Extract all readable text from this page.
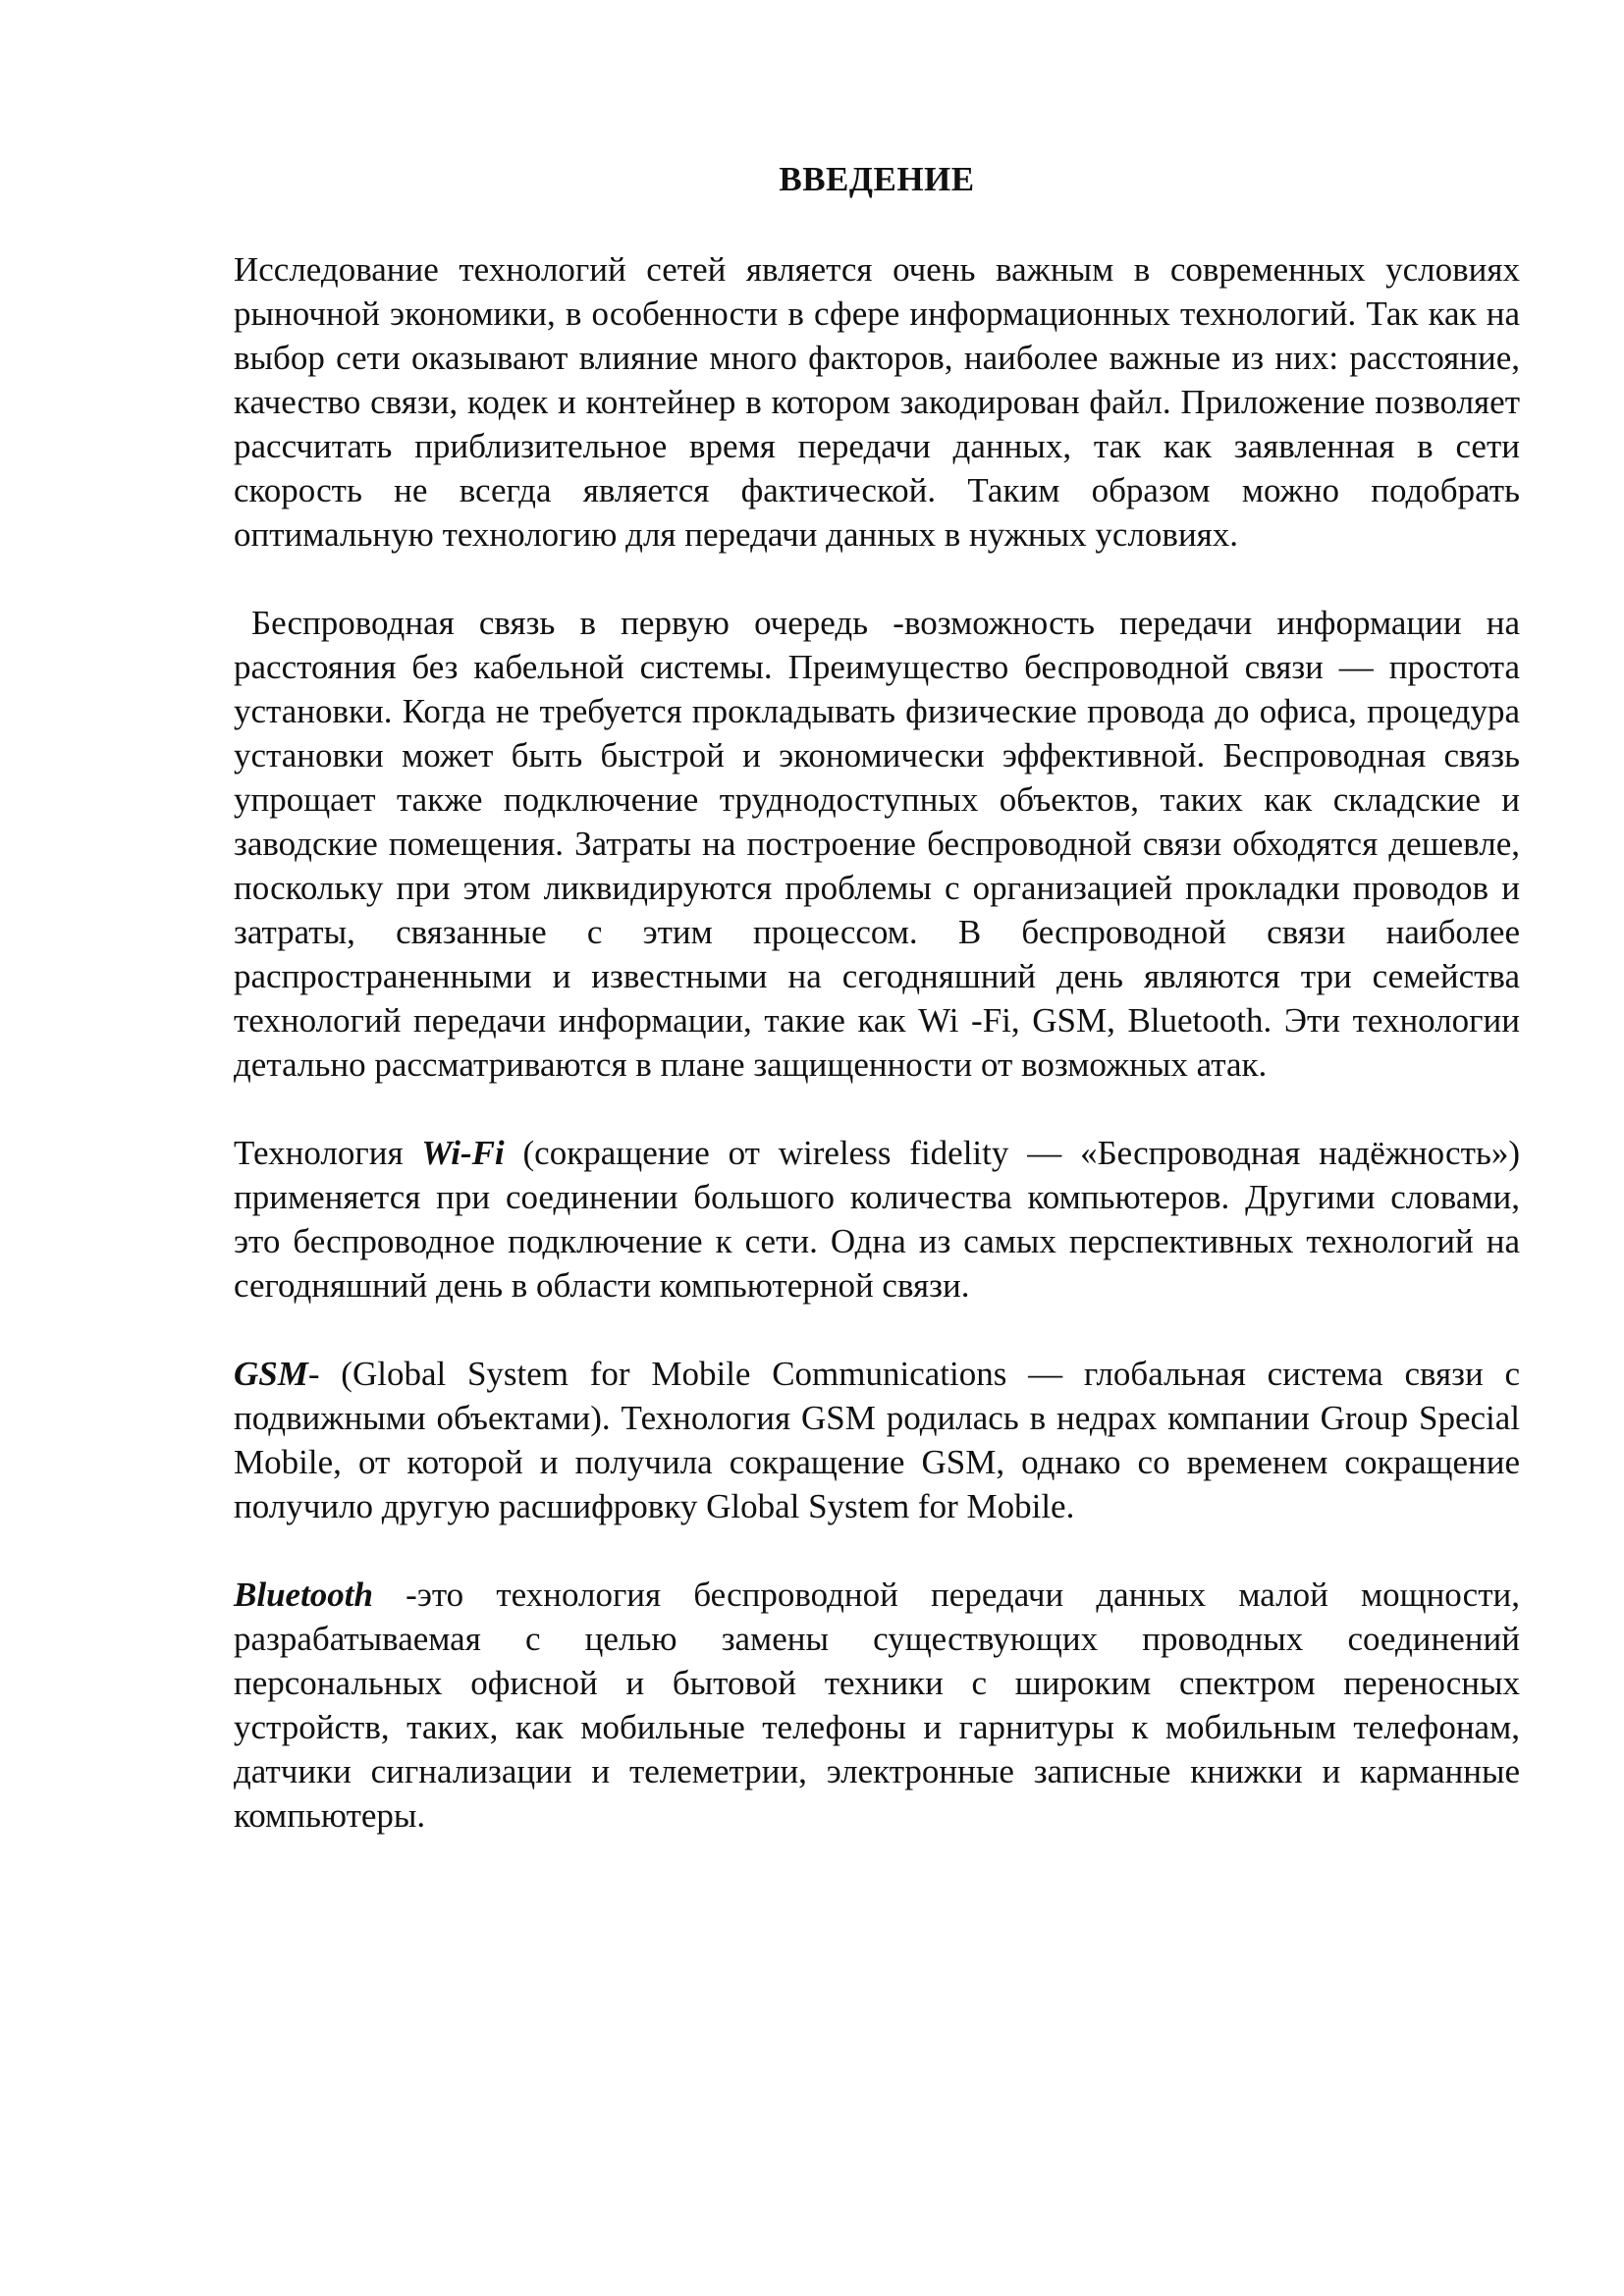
ВВЕДЕНИЕ

Исследование технологий сетей является очень важным в современных условиях рыночной экономики, в особенности в сфере информационных технологий. Так как на выбор сети оказывают влияние много факторов, наиболее важные из них: расстояние, качество связи, кодек и контейнер в котором закодирован файл. Приложение позволяет рассчитать приблизительное время передачи данных, так как заявленная в сети скорость не всегда является фактической. Таким образом можно подобрать оптимальную технологию для передачи данных в нужных условиях.

Беспроводная связь в первую очередь -возможность передачи информации на расстояния без кабельной системы. Преимущество беспроводной связи — простота установки. Когда не требуется прокладывать физические провода до офиса, процедура установки может быть быстрой и экономически эффективной. Беспроводная связь упрощает также подключение труднодоступных объектов, таких как складские и заводские помещения. Затраты на построение беспроводной связи обходятся дешевле, поскольку при этом ликвидируются проблемы с организацией прокладки проводов и затраты, связанные с этим процессом. В беспроводной связи наиболее распространенными и известными на сегодняшний день являются три семейства технологий передачи информации, такие как Wi -Fi, GSM, Bluetooth. Эти технологии детально рассматриваются в плане защищенности от возможных атак.

Технология Wi-Fi (сокращение от wireless fidelity — «Беспроводная надёжность») применяется при соединении большого количества компьютеров. Другими словами, это беспроводное подключение к сети. Одна из самых перспективных технологий на сегодняшний день в области компьютерной связи.

GSM- (Global System for Mobile Communications — глобальная система связи с подвижными объектами). Технология GSM родилась в недрах компании Group Special Mobile, от которой и получила сокращение GSM, однако со временем сокращение получило другую расшифровку Global System for Mobile.

Bluetooth -это технология беспроводной передачи данных малой мощности, разрабатываемая с целью замены существующих проводных соединений персональных офисной и бытовой техники с широким спектром переносных устройств, таких, как мобильные телефоны и гарнитуры к мобильным телефонам, датчики сигнализации и телеметрии, электронные записные книжки и карманные компьютеры.
